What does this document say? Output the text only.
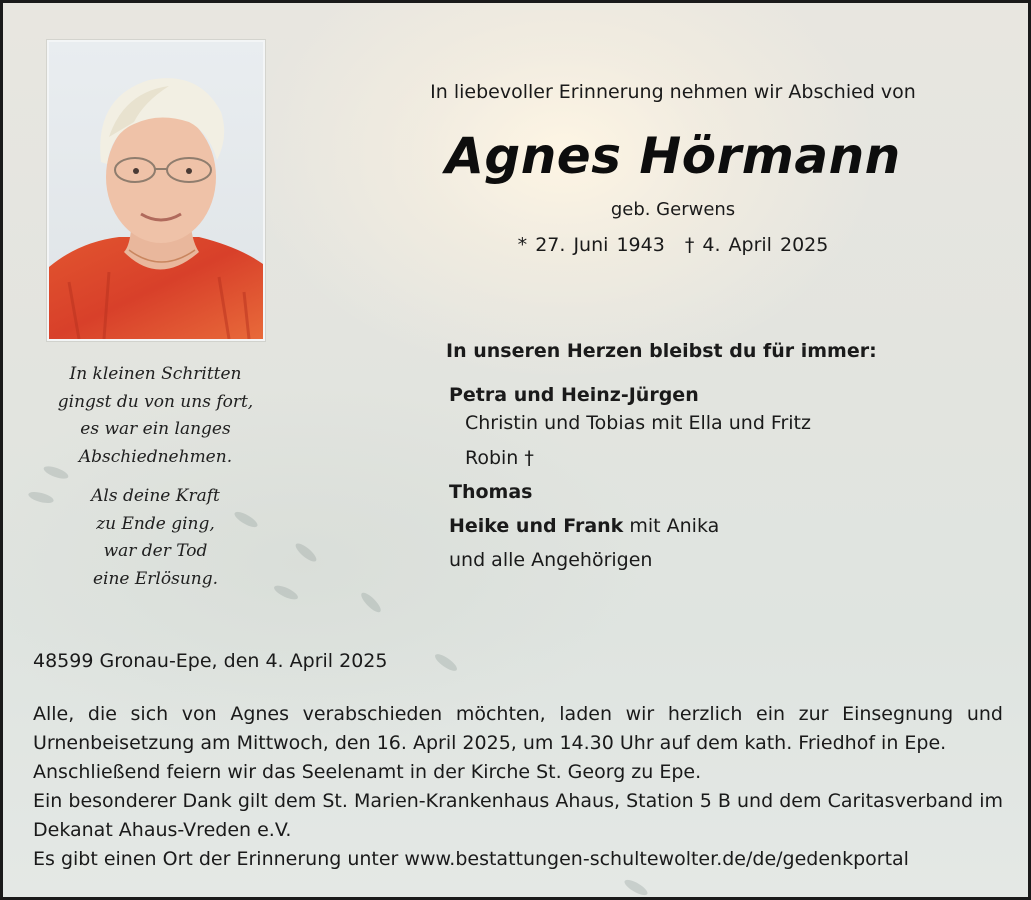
In kleinen Schritten

gingst du von uns fort,

es war ein langes

Abschiednehmen.

Als deine Kraft

zu Ende ging,

war der Tod

eine Erlösung.

In liebevoller Erinnerung nehmen wir Abschied von
Agnes Hörmann
geb. Gerwens
* 27. Juni 1943 † 4. April 2025
In unseren Herzen bleibst du für immer:
Petra und Heinz-Jürgen
Christin und Tobias mit Ella und Fritz
Robin †
Thomas
Heike und Frank mit Anika
und alle Angehörigen
48599 Gronau-Epe, den 4. April 2025

Alle, die sich von Agnes verabschieden möchten, laden wir herzlich ein zur Einsegnung und Urnenbeisetzung am Mittwoch, den 16. April 2025, um 14.30 Uhr auf dem kath. Friedhof in Epe.

Anschließend feiern wir das Seelenamt in der Kirche St. Georg zu Epe.

Ein besonderer Dank gilt dem St. Marien-Krankenhaus Ahaus, Station 5 B und dem Caritasverband im Dekanat Ahaus-Vreden e.V.

Es gibt einen Ort der Erinnerung unter www.bestattungen-schultewolter.de/de/gedenkportal
